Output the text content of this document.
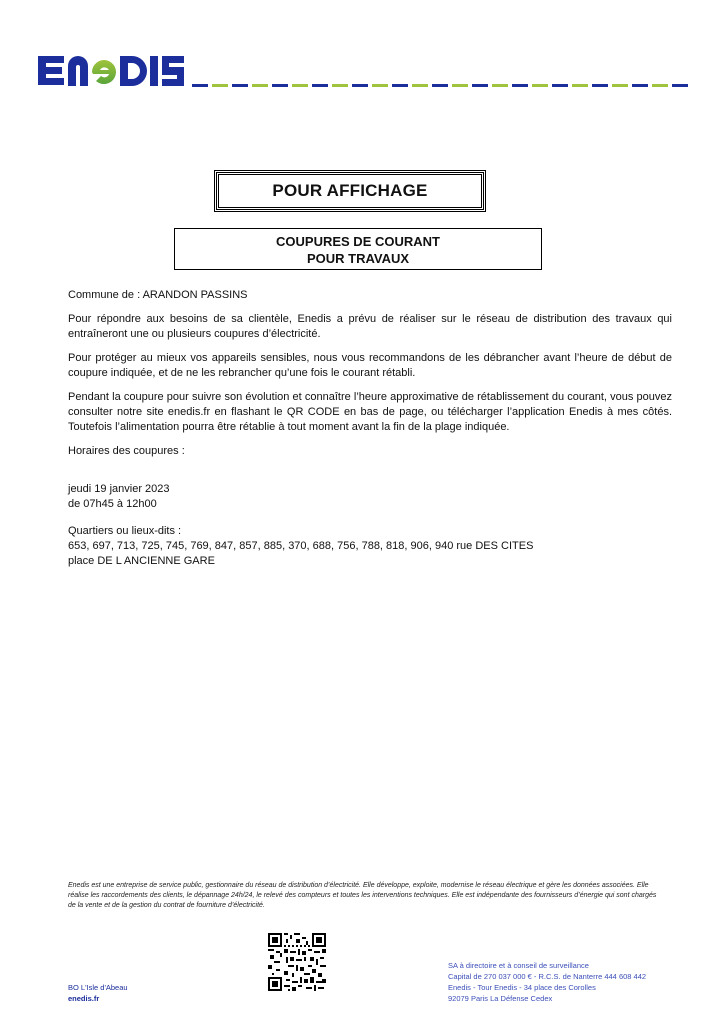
POUR AFFICHAGE
COUPURES DE COURANT
POUR TRAVAUX

Commune de : ARANDON PASSINS

Pour répondre aux besoins de sa clientèle, Enedis a prévu de réaliser sur le réseau de distribution des travaux qui entraîneront une ou plusieurs coupures d’électricité.

Pour protéger au mieux vos appareils sensibles, nous vous recommandons de les débrancher avant l’heure de début de coupure indiquée, et de ne les rebrancher qu’une fois le courant rétabli.

Pendant la coupure pour suivre son évolution et connaître l’heure approximative de rétablissement du courant, vous pouvez consulter notre site enedis.fr en flashant le QR CODE en bas de page, ou télécharger l’application Enedis à mes côtés. Toutefois l’alimentation pourra être rétablie à tout moment avant la fin de la plage indiquée.

Horaires des coupures :

jeudi 19 janvier 2023
de 07h45 à 12h00
Quartiers ou lieux-dits :
653, 697, 713, 725, 745, 769, 847, 857, 885, 370, 688, 756, 788, 818, 906, 940 rue DES CITES
place DE L ANCIENNE GARE
Enedis est une entreprise de service public, gestionnaire du réseau de distribution d’électricité. Elle développe, exploite, modernise le réseau électrique et gère les données associées. Elle réalise les raccordements des clients, le dépannage 24h/24, le relevé des compteurs et toutes les interventions techniques. Elle est indépendante des fournisseurs d’énergie qui sont chargés de la vente et de la gestion du contrat de fourniture d’électricité.
BO L'Isle d'Abeau
enedis.fr
SA à directoire et à conseil de surveillance
Capital de 270 037 000 € - R.C.S. de Nanterre 444 608 442
Enedis - Tour Enedis - 34 place des Corolles
92079 Paris La Défense Cedex
